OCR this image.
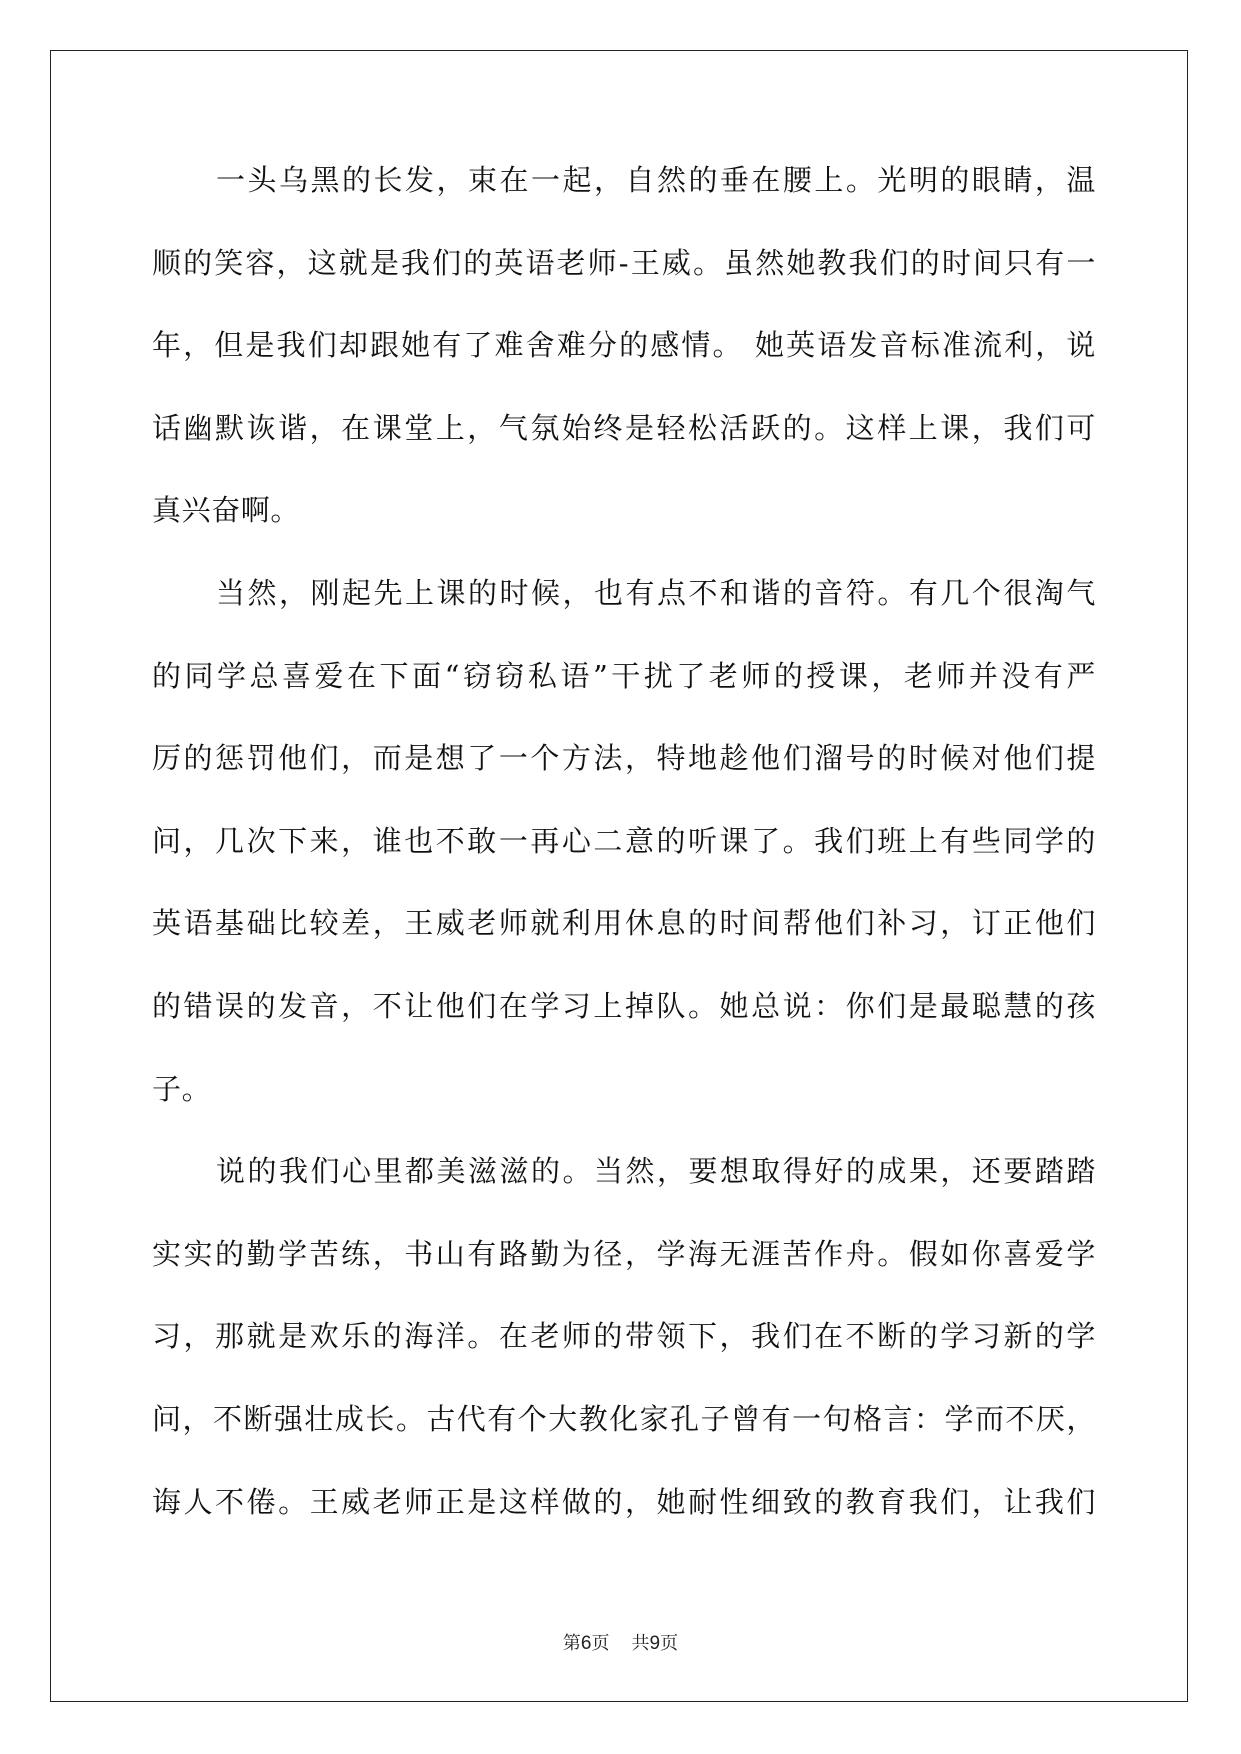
一头乌黑的长发，束在一起，自然的垂在腰上。光明的眼睛，温
顺的笑容，这就是我们的英语老师-王威。虽然她教我们的时间只有一
年，但是我们却跟她有了难舍难分的感情。 她英语发音标准流利，说
话幽默诙谐，在课堂上，气氛始终是轻松活跃的。这样上课，我们可
真兴奋啊。
当然，刚起先上课的时候，也有点不和谐的音符。有几个很淘气
的同学总喜爱在下面“窃窃私语”干扰了老师的授课，老师并没有严
厉的惩罚他们，而是想了一个方法，特地趁他们溜号的时候对他们提
问，几次下来，谁也不敢一再心二意的听课了。我们班上有些同学的
英语基础比较差，王威老师就利用休息的时间帮他们补习，订正他们
的错误的发音，不让他们在学习上掉队。她总说：你们是最聪慧的孩
子。
说的我们心里都美滋滋的。当然，要想取得好的成果，还要踏踏
实实的勤学苦练，书山有路勤为径，学海无涯苦作舟。假如你喜爱学
习，那就是欢乐的海洋。在老师的带领下，我们在不断的学习新的学
问，不断强壮成长。古代有个大教化家孔子曾有一句格言：学而不厌，
诲人不倦。王威老师正是这样做的，她耐性细致的教育我们，让我们
第6页 共9页
